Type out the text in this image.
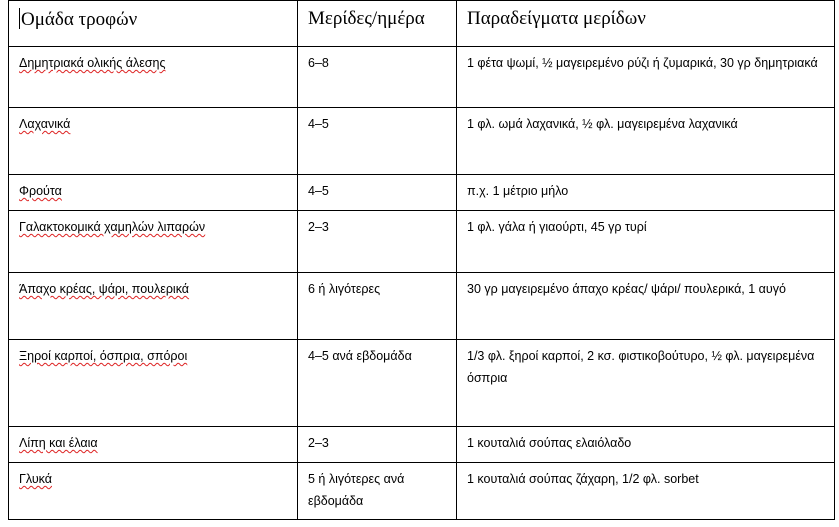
Ομάδα τροφών	Μερίδες/ημέρα	Παραδείγματα μερίδων
Δημητριακά ολικής άλεσης	6–8	1 φέτα ψωμί, ½ μαγειρεμένο ρύζι ή ζυμαρικά, 30 γρ δημητριακά
Λαχανικά	4–5	1 φλ. ωμά λαχανικά, ½ φλ. μαγειρεμένα λαχανικά
Φρούτα	4–5	π.χ. 1 μέτριο μήλο
Γαλακτοκομικά χαμηλών λιπαρών	2–3	1 φλ. γάλα ή γιαούρτι, 45 γρ τυρί
Άπαχο κρέας, ψάρι, πουλερικά	6 ή λιγότερες	30 γρ μαγειρεμένο άπαχο κρέας/ ψάρι/ πουλερικά, 1 αυγό
Ξηροί καρποί, όσπρια, σπόροι	4–5 ανά εβδομάδα	1/3 φλ. ξηροί καρποί, 2 κσ. φιστικοβούτυρο, ½ φλ. μαγειρεμένα όσπρια
Λίπη και έλαια	2–3	1 κουταλιά σούπας ελαιόλαδο
Γλυκά	5 ή λιγότερες ανά εβδομάδα	1 κουταλιά σούπας ζάχαρη, 1/2 φλ. sorbet
